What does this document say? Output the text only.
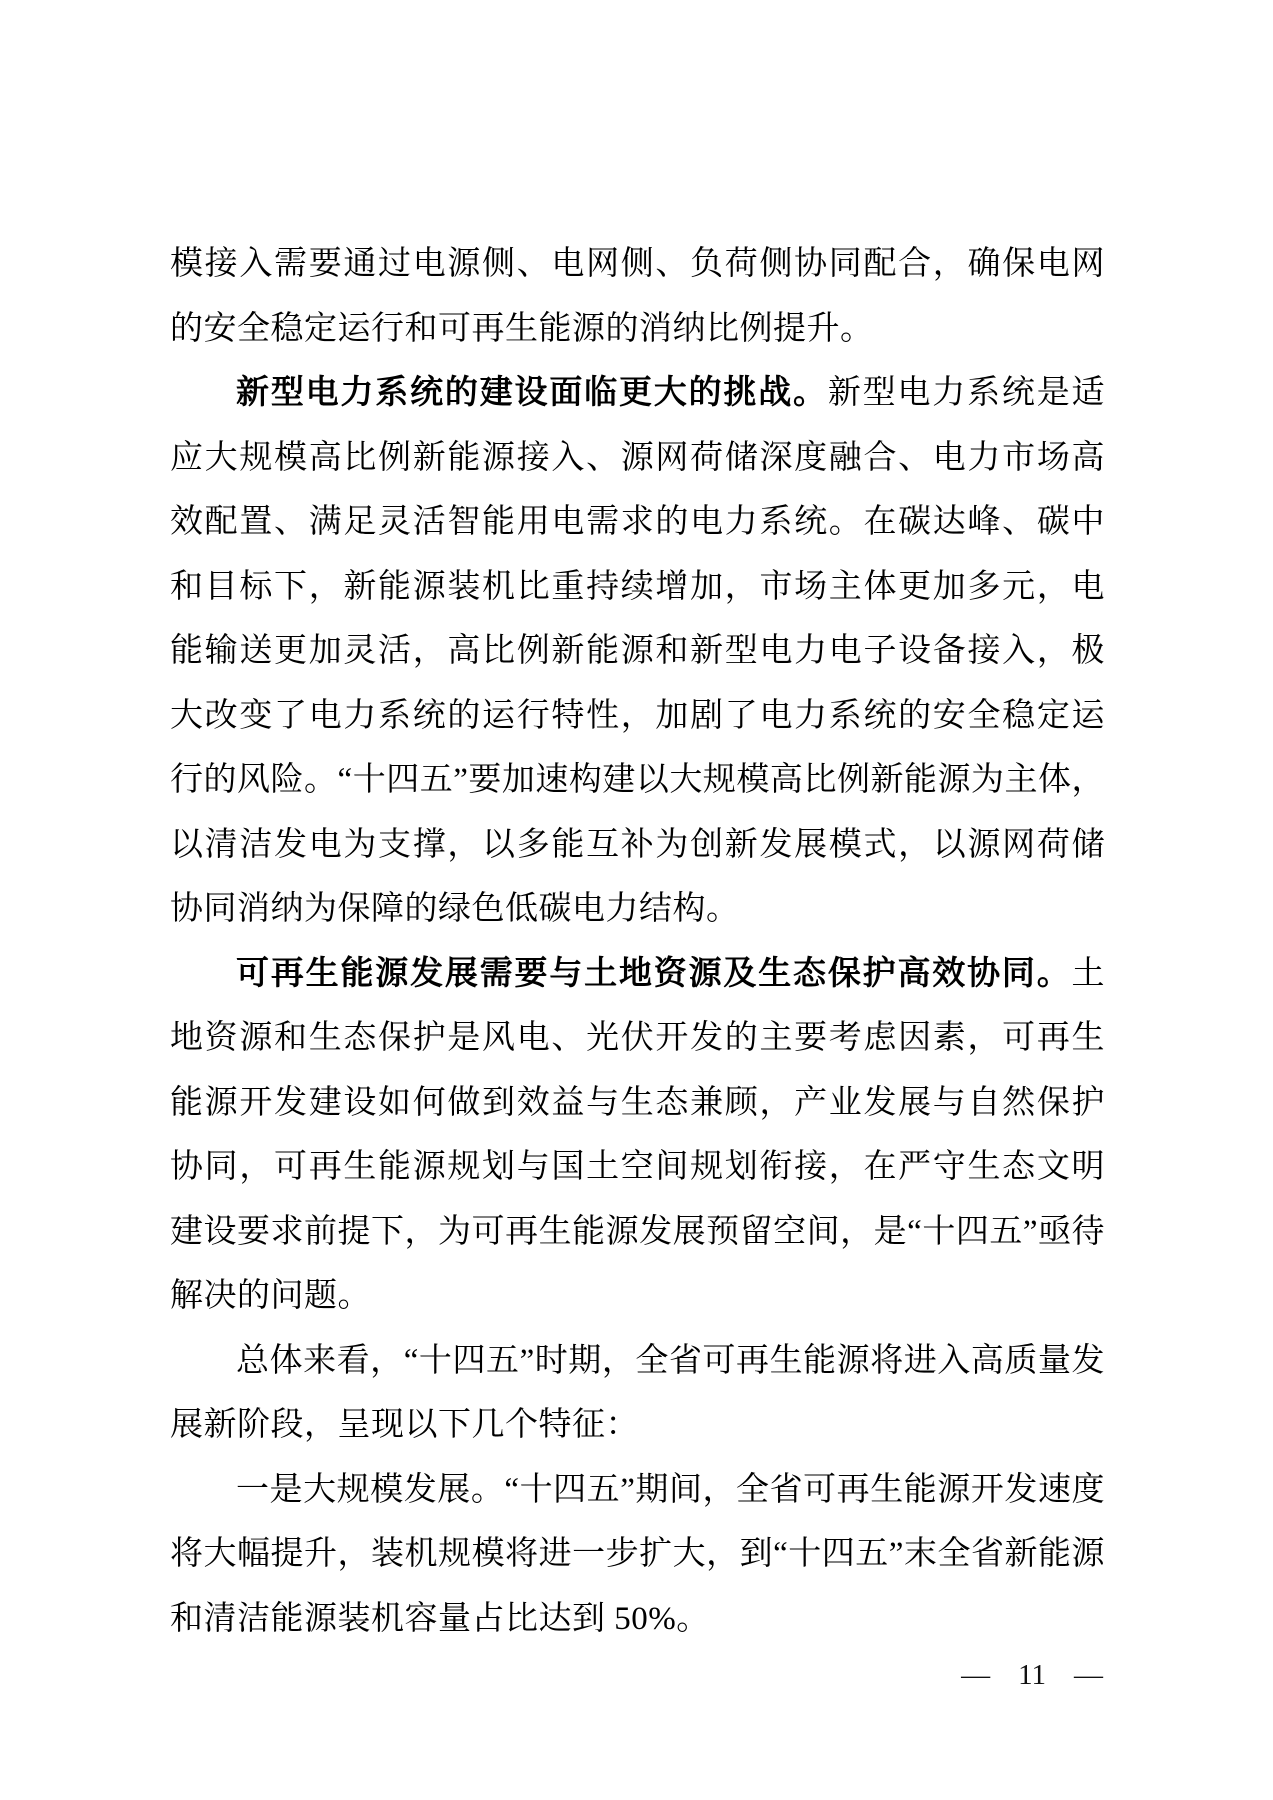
模接入需要通过电源侧、电网侧、负荷侧协同配合，确保电网的安全稳定运行和可再生能源的消纳比例提升。

新型电力系统的建设面临更大的挑战。新型电力系统是适应大规模高比例新能源接入、源网荷储深度融合、电力市场高效配置、满足灵活智能用电需求的电力系统。在碳达峰、碳中和目标下，新能源装机比重持续增加，市场主体更加多元，电能输送更加灵活，高比例新能源和新型电力电子设备接入，极大改变了电力系统的运行特性，加剧了电力系统的安全稳定运行的风险。“十四五”要加速构建以大规模高比例新能源为主体，以清洁发电为支撑，以多能互补为创新发展模式，以源网荷储协同消纳为保障的绿色低碳电力结构。

可再生能源发展需要与土地资源及生态保护高效协同。土地资源和生态保护是风电、光伏开发的主要考虑因素，可再生能源开发建设如何做到效益与生态兼顾，产业发展与自然保护协同，可再生能源规划与国土空间规划衔接，在严守生态文明建设要求前提下，为可再生能源发展预留空间，是“十四五”亟待解决的问题。

总体来看，“十四五”时期，全省可再生能源将进入高质量发展新阶段，呈现以下几个特征：

一是大规模发展。“十四五”期间，全省可再生能源开发速度将大幅提升，装机规模将进一步扩大，到“十四五”末全省新能源和清洁能源装机容量占比达到 50%。

— 11 —
